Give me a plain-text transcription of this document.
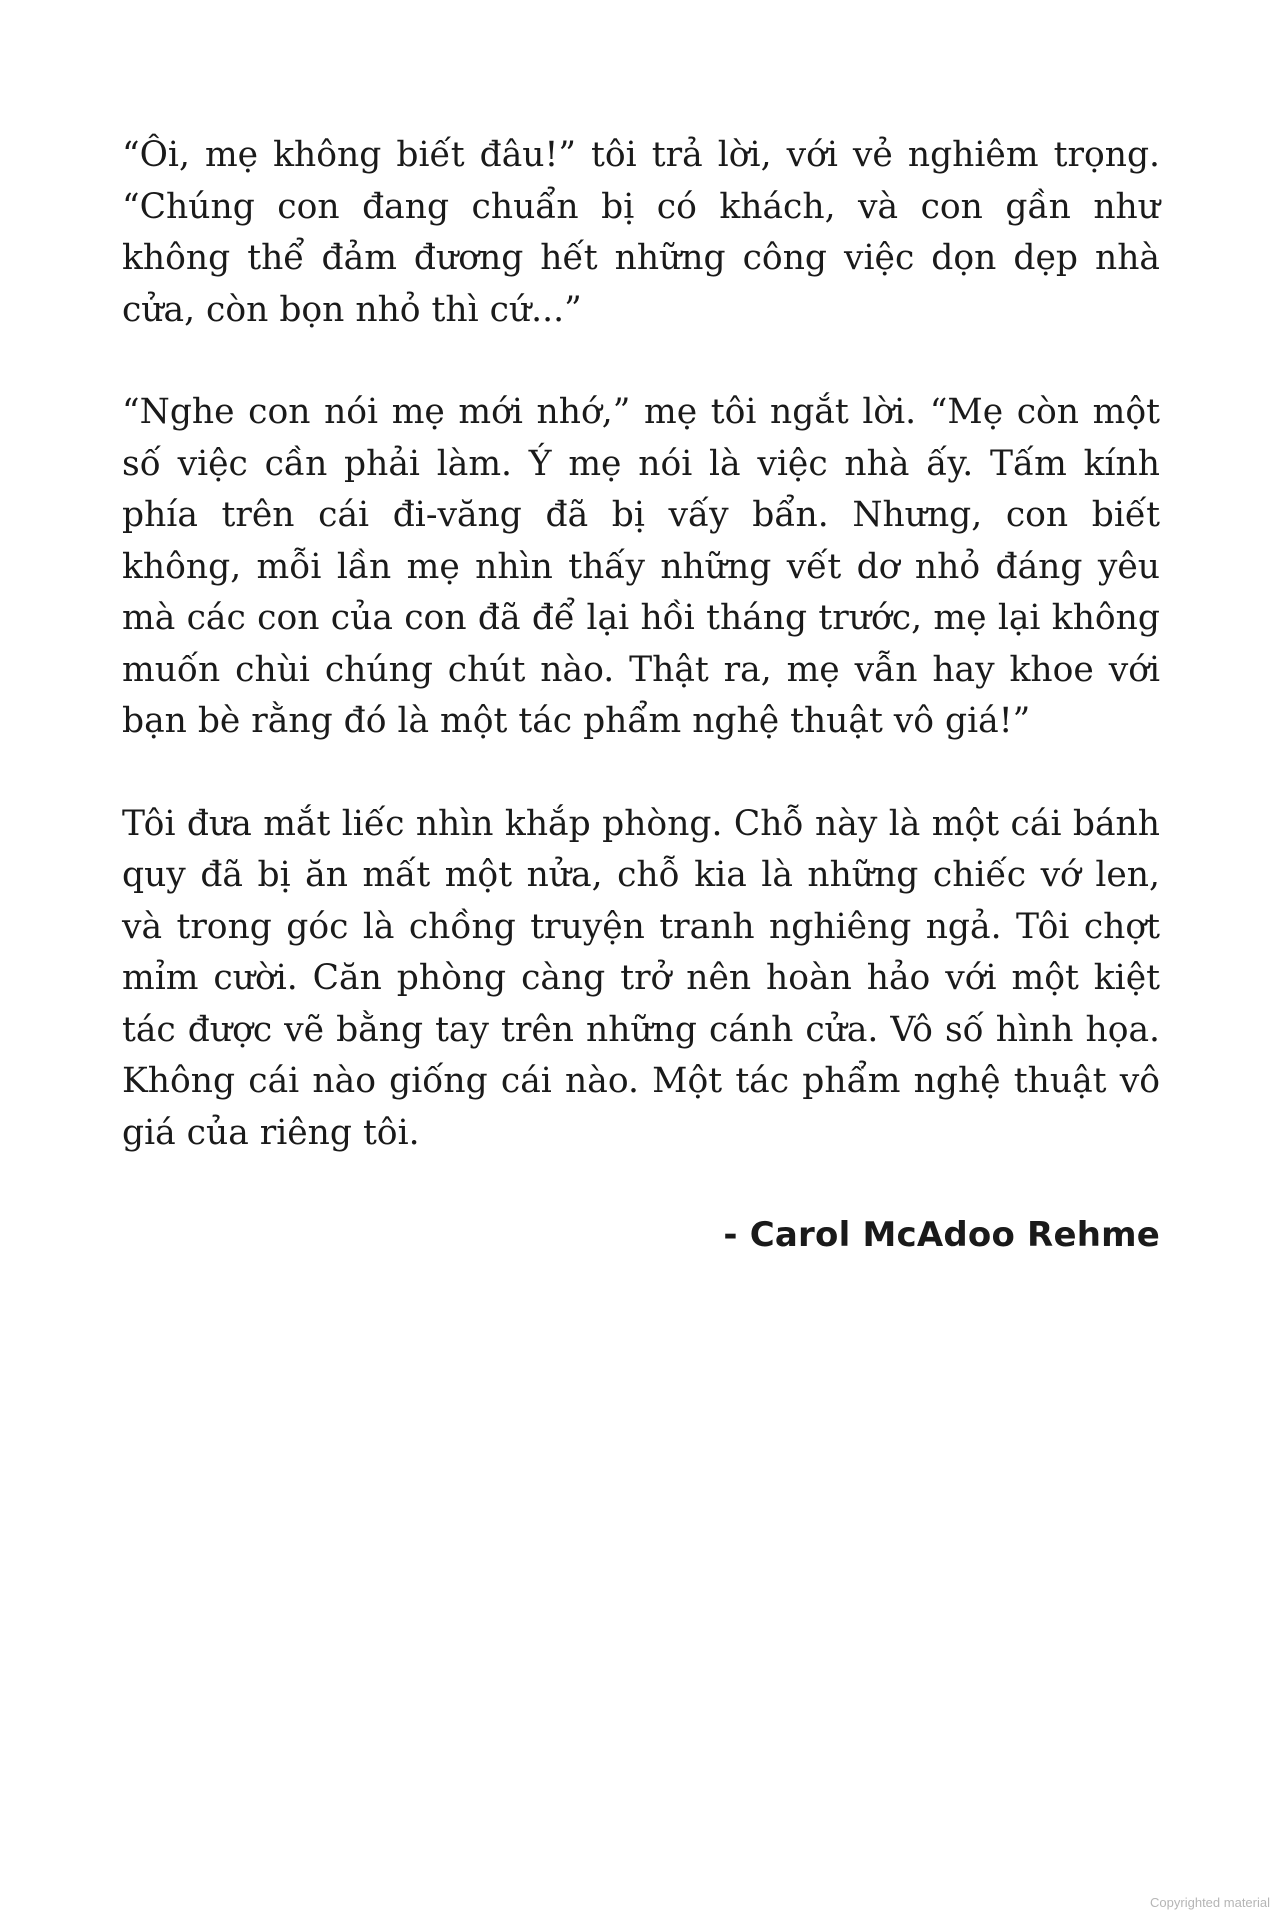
“Ôi, mẹ không biết đâu!” tôi trả lời, với vẻ nghiêm trọng. “Chúng con đang chuẩn bị có khách, và con gần như không thể đảm đương hết những công việc dọn dẹp nhà cửa, còn bọn nhỏ thì cứ...”

“Nghe con nói mẹ mới nhớ,” mẹ tôi ngắt lời. “Mẹ còn một số việc cần phải làm. Ý mẹ nói là việc nhà ấy. Tấm kính phía trên cái đi-văng đã bị vấy bẩn. Nhưng, con biết không, mỗi lần mẹ nhìn thấy những vết dơ nhỏ đáng yêu mà các con của con đã để lại hồi tháng trước, mẹ lại không muốn chùi chúng chút nào. Thật ra, mẹ vẫn hay khoe với bạn bè rằng đó là một tác phẩm nghệ thuật vô giá!”

Tôi đưa mắt liếc nhìn khắp phòng. Chỗ này là một cái bánh quy đã bị ăn mất một nửa, chỗ kia là những chiếc vớ len, và trong góc là chồng truyện tranh nghiêng ngả. Tôi chợt mỉm cười. Căn phòng càng trở nên hoàn hảo với một kiệt tác được vẽ bằng tay trên những cánh cửa. Vô số hình họa. Không cái nào giống cái nào. Một tác phẩm nghệ thuật vô giá của riêng tôi.

- Carol McAdoo Rehme

Copyrighted material
